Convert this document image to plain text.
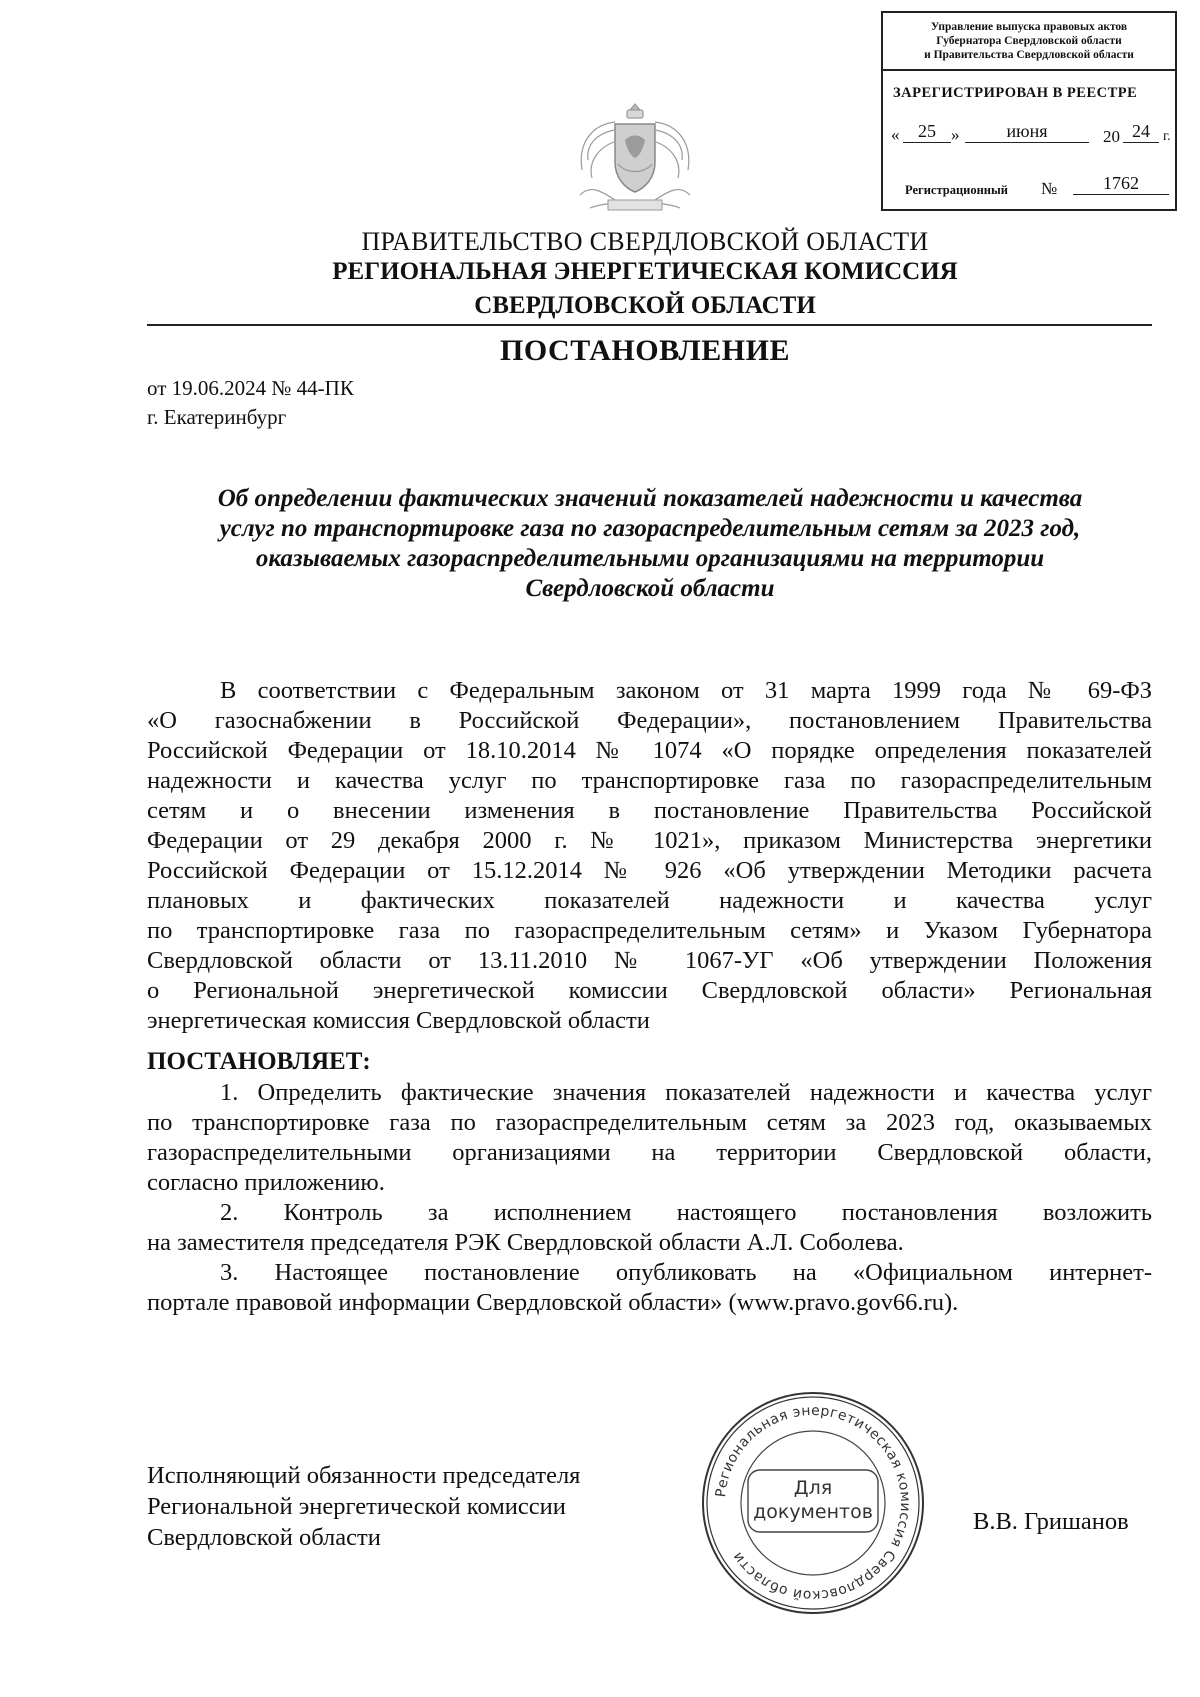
Управление выпуска правовых актов
Губернатора Свердловской области
и Правительства Свердловской области
ЗАРЕГИСТРИРОВАН В РЕЕСТРЕ
«	25 »	июня	20 24 г.
Регистрационный №	1762
ПРАВИТЕЛЬСТВО СВЕРДЛОВСКОЙ ОБЛАСТИ
РЕГИОНАЛЬНАЯ ЭНЕРГЕТИЧЕСКАЯ КОМИССИЯ
СВЕРДЛОВСКОЙ ОБЛАСТИ
ПОСТАНОВЛЕНИЕ
от 19.06.2024 № 44-ПК
г. Екатеринбург
Об определении фактических значений показателей надежности и качества
услуг по транспортировке газа по газораспределительным сетям за 2023 год,
оказываемых газораспределительными организациями на территории
Свердловской области
В соответствии с Федеральным законом от 31 марта 1999 года № 69-ФЗ
«О газоснабжении в Российской Федерации», постановлением Правительства
Российской Федерации от 18.10.2014 № 1074 «О порядке определения показателей
надежности и качества услуг по транспортировке газа по газораспределительным
сетям и о внесении изменения в постановление Правительства Российской
Федерации от 29 декабря 2000 г. № 1021», приказом Министерства энергетики
Российской Федерации от 15.12.2014 № 926 «Об утверждении Методики расчета
плановых и фактических показателей надежности и качества услуг
по транспортировке газа по газораспределительным сетям» и Указом Губернатора
Свердловской области от 13.11.2010 № 1067-УГ «Об утверждении Положения
о Региональной энергетической комиссии Свердловской области» Региональная
энергетическая комиссия Свердловской области
ПОСТАНОВЛЯЕТ:
1. Определить фактические значения показателей надежности и качества услуг
по транспортировке газа по газораспределительным сетям за 2023 год, оказываемых
газораспределительными организациями на территории Свердловской области,
согласно приложению.
2. Контроль за исполнением настоящего постановления возложить
на заместителя председателя РЭК Свердловской области А.Л. Соболева.
3. Настоящее постановление опубликовать на «Официальном интернет-
портале правовой информации Свердловской области» (www.pravo.gov66.ru).
Исполняющий обязанности председателя
Региональной энергетической комиссии
Свердловской области
В.В. Гришанов
Региональная энергетическая комиссия Свердловской области
Для
документов
